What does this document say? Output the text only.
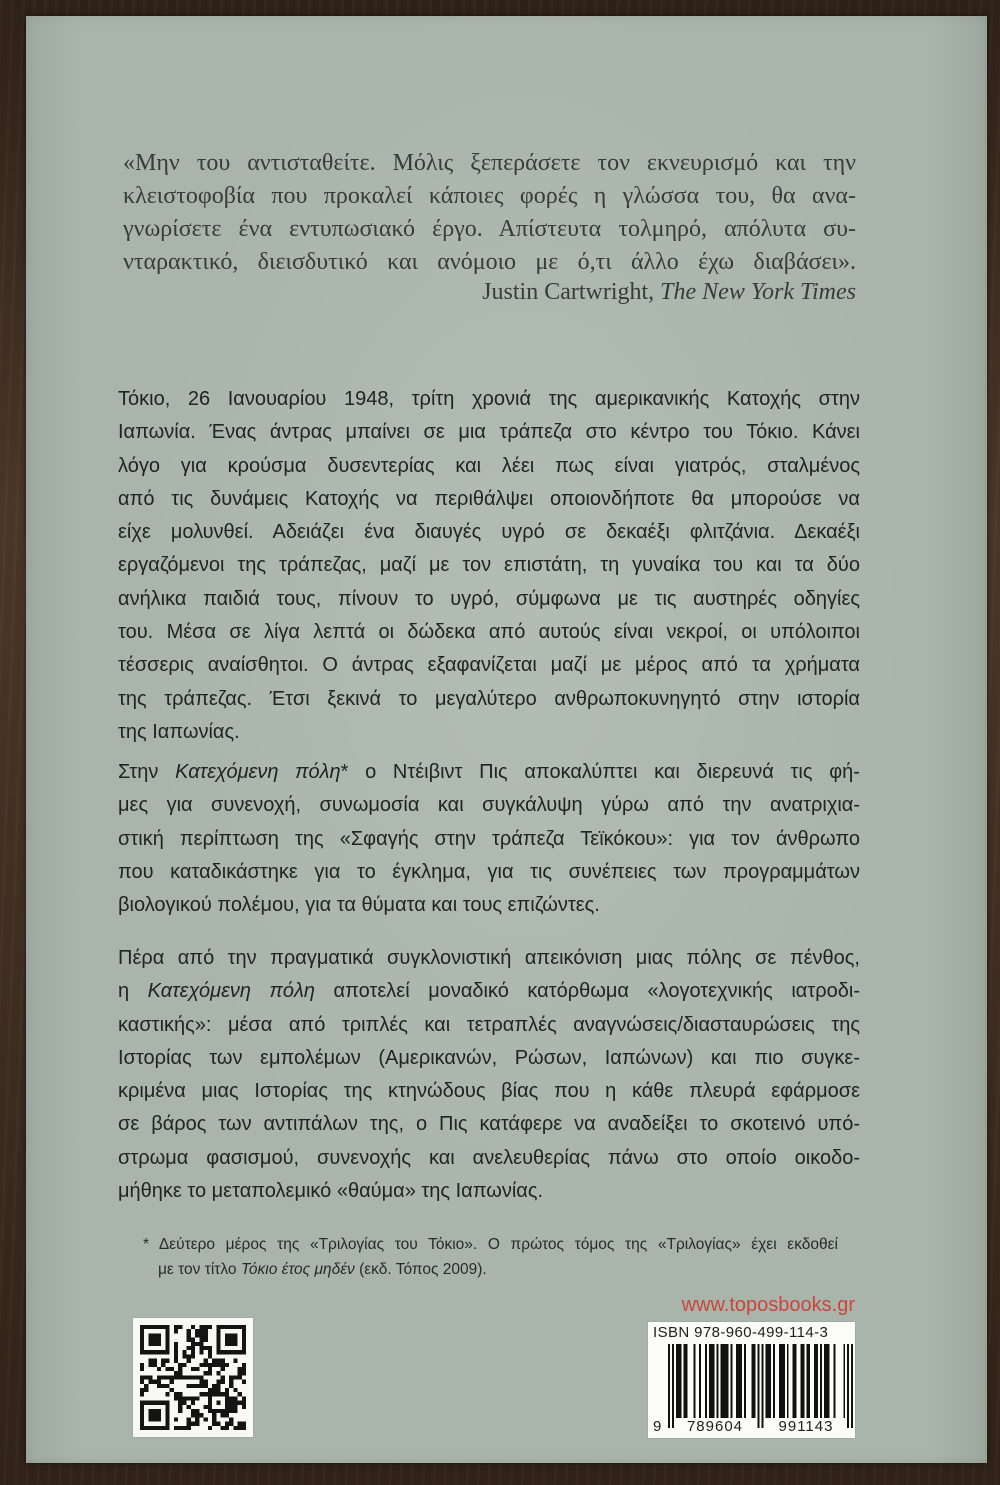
«Μην του αντισταθείτε. Μόλις ξεπεράσετε τον εκνευρισμό και την
κλειστοφοβία που προκαλεί κάποιες φορές η γλώσσα του, θα ανα-
γνωρίσετε ένα εντυπωσιακό έργο. Απίστευτα τολμηρό, απόλυτα συ-
νταρακτικό, διεισδυτικό και ανόμοιο με ό,τι άλλο έχω διαβάσει».
Justin Cartwright, The New York Times
Τόκιο, 26 Ιανουαρίου 1948, τρίτη χρονιά της αμερικανικής Κατοχής στην
Ιαπωνία. Ένας άντρας μπαίνει σε μια τράπεζα στο κέντρο του Τόκιο. Κάνει
λόγο για κρούσμα δυσεντερίας και λέει πως είναι γιατρός, σταλμένος
από τις δυνάμεις Κατοχής να περιθάλψει οποιονδήποτε θα μπορούσε να
είχε μολυνθεί. Αδειάζει ένα διαυγές υγρό σε δεκαέξι φλιτζάνια. Δεκαέξι
εργαζόμενοι της τράπεζας, μαζί με τον επιστάτη, τη γυναίκα του και τα δύο
ανήλικα παιδιά τους, πίνουν το υγρό, σύμφωνα με τις αυστηρές οδηγίες
του. Μέσα σε λίγα λεπτά οι δώδεκα από αυτούς είναι νεκροί, οι υπόλοιποι
τέσσερις αναίσθητοι. Ο άντρας εξαφανίζεται μαζί με μέρος από τα χρήματα
της τράπεζας. Έτσι ξεκινά το μεγαλύτερο ανθρωποκυνηγητό στην ιστορία
της Ιαπωνίας.
Στην Κατεχόμενη πόλη* ο Ντέιβιντ Πις αποκαλύπτει και διερευνά τις φή-
μες για συνενοχή, συνωμοσία και συγκάλυψη γύρω από την ανατριχια-
στική περίπτωση της «Σφαγής στην τράπεζα Τεϊκόκου»: για τον άνθρωπο
που καταδικάστηκε για το έγκλημα, για τις συνέπειες των προγραμμάτων
βιολογικού πολέμου, για τα θύματα και τους επιζώντες.
Πέρα από την πραγματικά συγκλονιστική απεικόνιση μιας πόλης σε πένθος,
η Κατεχόμενη πόλη αποτελεί μοναδικό κατόρθωμα «λογοτεχνικής ιατροδι-
καστικής»: μέσα από τριπλές και τετραπλές αναγνώσεις/διασταυρώσεις της
Ιστορίας των εμπολέμων (Αμερικανών, Ρώσων, Ιαπώνων) και πιο συγκε-
κριμένα μιας Ιστορίας της κτηνώδους βίας που η κάθε πλευρά εφάρμοσε
σε βάρος των αντιπάλων της, ο Πις κατάφερε να αναδείξει το σκοτεινό υπό-
στρωμα φασισμού, συνενοχής και ανελευθερίας πάνω στο οποίο οικοδο-
μήθηκε το μεταπολεμικό «θαύμα» της Ιαπωνίας.
* Δεύτερο μέρος της «Τριλογίας του Τόκιο». Ο πρώτος τόμος της «Τριλογίας» έχει εκδοθεί
με τον τίτλο Τόκιο έτος μηδέν (εκδ. Τόπος 2009).
www.toposbooks.gr
ISBN 978-960-499-114-3
9	789604	991143
